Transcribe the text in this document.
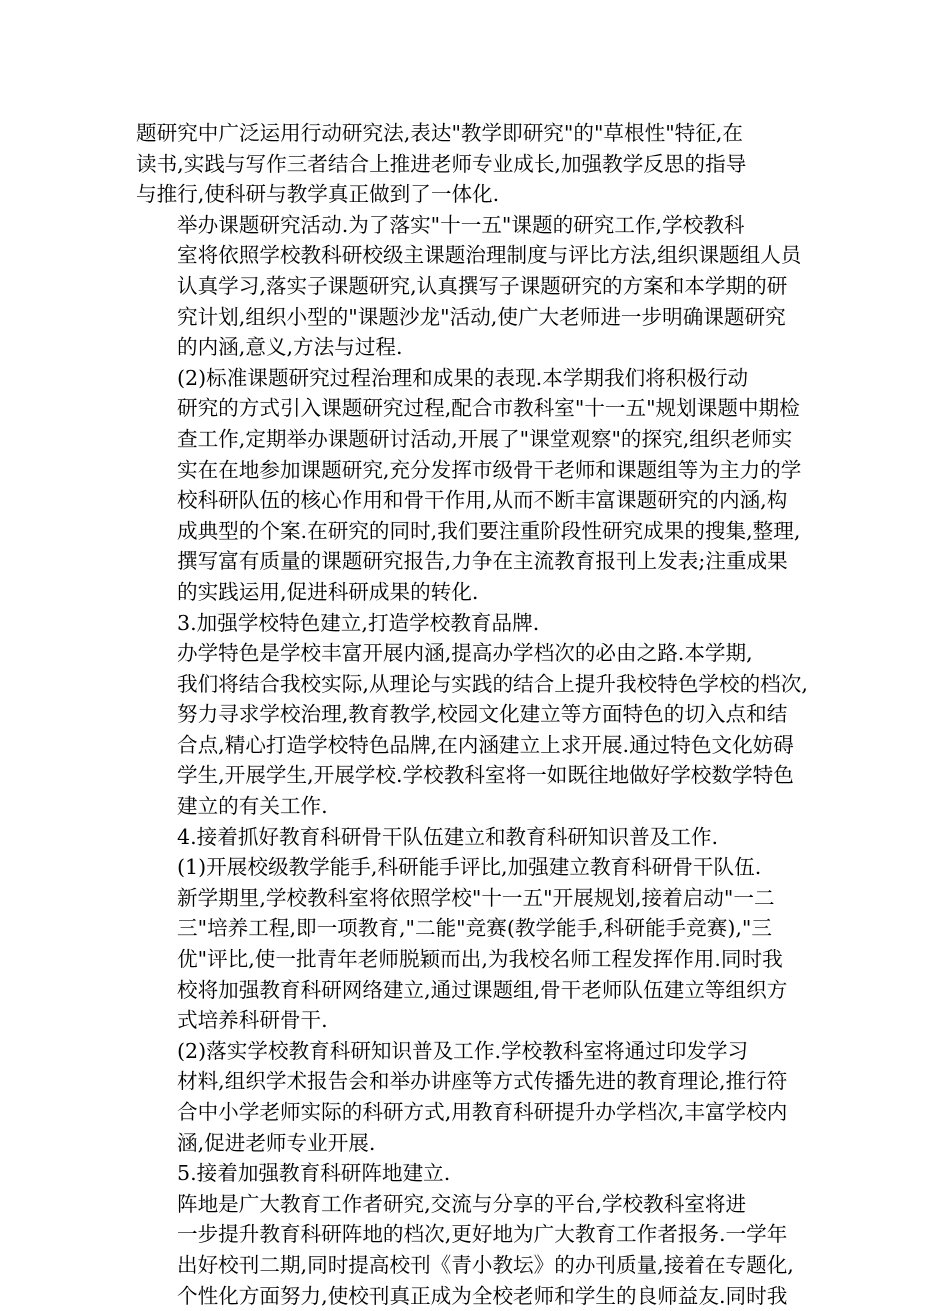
题研究中广泛运用行动研究法,表达"教学即研究"的"草根性"特征,在
读书,实践与写作三者结合上推进老师专业成长,加强教学反思的指导
与推行,使科研与教学真正做到了一体化.
举办课题研究活动.为了落实"十一五"课题的研究工作,学校教科
室将依照学校教科研校级主课题治理制度与评比方法,组织课题组人员
认真学习,落实子课题研究,认真撰写子课题研究的方案和本学期的研
究计划,组织小型的"课题沙龙"活动,使广大老师进一步明确课题研究
的内涵,意义,方法与过程.
(2)标准课题研究过程治理和成果的表现.本学期我们将积极行动
研究的方式引入课题研究过程,配合市教科室"十一五"规划课题中期检
查工作,定期举办课题研讨活动,开展了"课堂观察"的探究,组织老师实
实在在地参加课题研究,充分发挥市级骨干老师和课题组等为主力的学
校科研队伍的核心作用和骨干作用,从而不断丰富课题研究的内涵,构
成典型的个案.在研究的同时,我们要注重阶段性研究成果的搜集,整理,
撰写富有质量的课题研究报告,力争在主流教育报刊上发表;注重成果
的实践运用,促进科研成果的转化.
3.加强学校特色建立,打造学校教育品牌.
办学特色是学校丰富开展内涵,提高办学档次的必由之路.本学期,
我们将结合我校实际,从理论与实践的结合上提升我校特色学校的档次,
努力寻求学校治理,教育教学,校园文化建立等方面特色的切入点和结
合点,精心打造学校特色品牌,在内涵建立上求开展.通过特色文化妨碍
学生,开展学生,开展学校.学校教科室将一如既往地做好学校数学特色
建立的有关工作.
4.接着抓好教育科研骨干队伍建立和教育科研知识普及工作.
(1)开展校级教学能手,科研能手评比,加强建立教育科研骨干队伍.
新学期里,学校教科室将依照学校"十一五"开展规划,接着启动"一二
三"培养工程,即一项教育,"二能"竞赛(教学能手,科研能手竞赛),"三
优"评比,使一批青年老师脱颖而出,为我校名师工程发挥作用.同时我
校将加强教育科研网络建立,通过课题组,骨干老师队伍建立等组织方
式培养科研骨干.
(2)落实学校教育科研知识普及工作.学校教科室将通过印发学习
材料,组织学术报告会和举办讲座等方式传播先进的教育理论,推行符
合中小学老师实际的科研方式,用教育科研提升办学档次,丰富学校内
涵,促进老师专业开展.
5.接着加强教育科研阵地建立.
阵地是广大教育工作者研究,交流与分享的平台,学校教科室将进
一步提升教育科研阵地的档次,更好地为广大教育工作者报务.一学年
出好校刊二期,同时提高校刊《青小教坛》的办刊质量,接着在专题化,
个性化方面努力,使校刊真正成为全校老师和学生的良师益友.同时我
